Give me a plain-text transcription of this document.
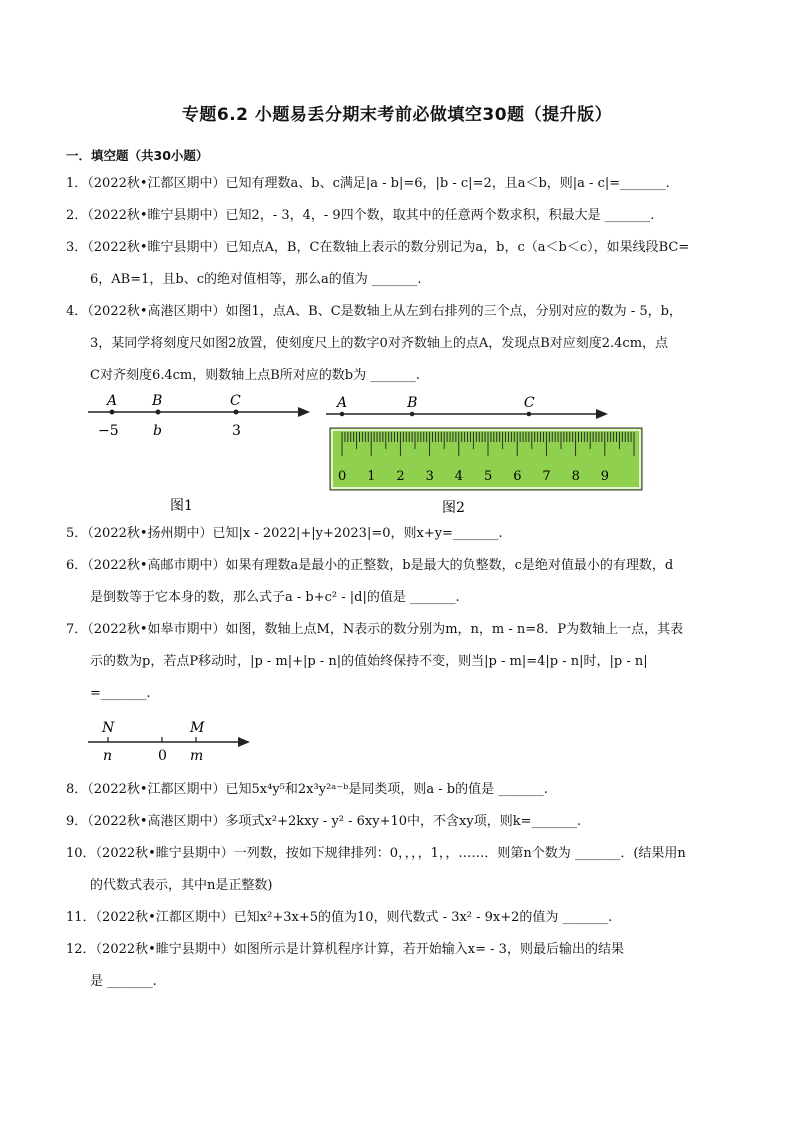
专题6.2 小题易丢分期末考前必做填空30题（提升版）
一．填空题（共30小题）

1．（2022秋•江都区期中）已知有理数a、b、c满足|a - b|=6，|b - c|=2，且a＜b，则|a - c|=_______.

2．（2022秋•睢宁县期中）已知2，- 3，4，- 9四个数，取其中的任意两个数求积，积最大是 _______.

3．（2022秋•睢宁县期中）已知点A，B，C在数轴上表示的数分别记为a，b，c（a＜b＜c），如果线段BC=

6，AB=1，且b、c的绝对值相等，那么a的值为 _______.

4．（2022秋•高港区期中）如图1，点A、B、C是数轴上从左到右排列的三个点，分别对应的数为 - 5，b，

3，某同学将刻度尺如图2放置，使刻度尺上的数字0对齐数轴上的点A，发现点B对应刻度2.4cm，点

C对齐刻度6.4cm，则数轴上点B所对应的数b为 _______.

A B	C
−5 b	3
图1
A	B	C
0 1 2 3 4 5 6 7 8 9
图2

5．（2022秋•扬州期中）已知|x - 2022|+|y+2023|=0，则x+y=_______.

6．（2022秋•高邮市期中）如果有理数a是最小的正整数，b是最大的负整数，c是绝对值最小的有理数，d

是倒数等于它本身的数，那么式子a - b+c² - |d|的值是 _______.

7．（2022秋•如皋市期中）如图，数轴上点M，N表示的数分别为m，n，m - n=8．P为数轴上一点，其表

示的数为p，若点P移动时，|p - m|+|p - n|的值始终保持不变，则当|p - m|=4|p - n|时，|p - n|

=_______.

N	M
n	0 m

8．（2022秋•江都区期中）已知5x⁴y⁵和2x³y²ᵃ⁻ᵇ是同类项，则a - b的值是 _______.

9．（2022秋•高港区期中）多项式x²+2kxy - y² - 6xy+10中，不含xy项，则k=_______.

10．（2022秋•睢宁县期中）一列数，按如下规律排列：0，，，，1，，……．则第n个数为 _______．(结果用n

的代数式表示，其中n是正整数)

11．（2022秋•江都区期中）已知x²+3x+5的值为10，则代数式 - 3x² - 9x+2的值为 _______.

12．（2022秋•睢宁县期中）如图所示是计算机程序计算，若开始输入x= - 3，则最后输出的结果

是 _______.
